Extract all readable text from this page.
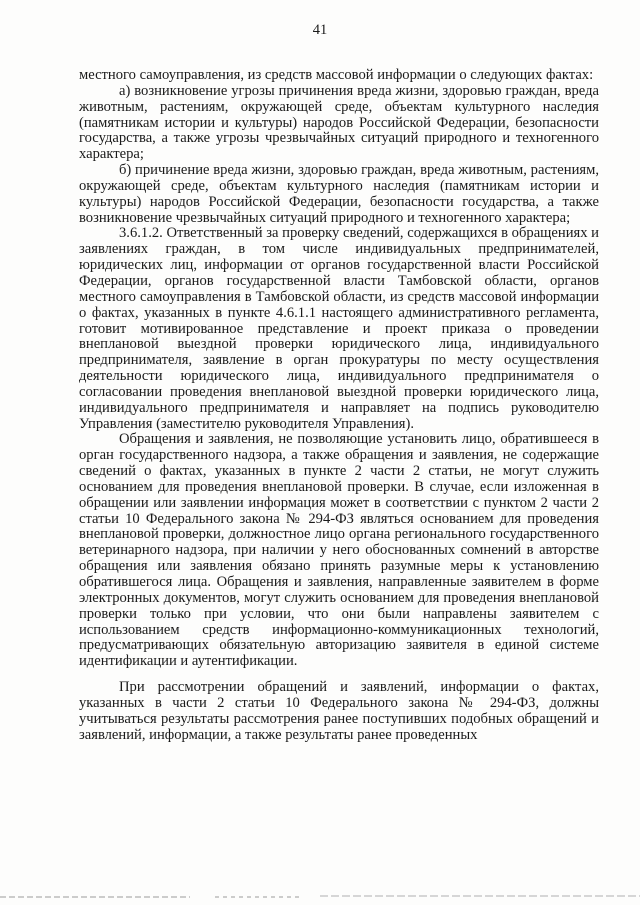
41

местного самоуправления, из средств массовой информации о следующих фактах:

а) возникновение угрозы причинения вреда жизни, здоровью граждан, вреда животным, растениям, окружающей среде, объектам культурного наследия (памятникам истории и культуры) народов Российской Федерации, безопасности государства, а также угрозы чрезвычайных ситуаций природного и техногенного характера;

б) причинение вреда жизни, здоровью граждан, вреда животным, растениям, окружающей среде, объектам культурного наследия (памятникам истории и культуры) народов Российской Федерации, безопасности государства, а также возникновение чрезвычайных ситуаций природного и техногенного характера;

3.6.1.2. Ответственный за проверку сведений, содержащихся в обращениях и заявлениях граждан, в том числе индивидуальных предпринимателей, юридических лиц, информации от органов государственной власти Российской Федерации, органов государственной власти Тамбовской области, органов местного самоуправления в Тамбовской области, из средств массовой информации о фактах, указанных в пункте 4.6.1.1 настоящего административного регламента, готовит мотивированное представление и проект приказа о проведении внеплановой выездной проверки юридического лица, индивидуального предпринимателя, заявление в орган прокуратуры по месту осуществления деятельности юридического лица, индивидуального предпринимателя о согласовании проведения внеплановой выездной проверки юридического лица, индивидуального предпринимателя и направляет на подпись руководителю Управления (заместителю руководителя Управления).

Обращения и заявления, не позволяющие установить лицо, обратившееся в орган государственного надзора, а также обращения и заявления, не содержащие сведений о фактах, указанных в пункте 2 части 2 статьи, не могут служить основанием для проведения внеплановой проверки. В случае, если изложенная в обращении или заявлении информация может в соответствии с пунктом 2 части 2 статьи 10 Федерального закона № 294-ФЗ являться основанием для проведения внеплановой проверки, должностное лицо органа регионального государственного ветеринарного надзора, при наличии у него обоснованных сомнений в авторстве обращения или заявления обязано принять разумные меры к установлению обратившегося лица. Обращения и заявления, направленные заявителем в форме электронных документов, могут служить основанием для проведения внеплановой проверки только при условии, что они были направлены заявителем с использованием средств информационно-коммуникационных технологий, предусматривающих обязательную авторизацию заявителя в единой системе идентификации и аутентификации.

При рассмотрении обращений и заявлений, информации о фактах, указанных в части 2 статьи 10 Федерального закона № 294-ФЗ, должны учитываться результаты рассмотрения ранее поступивших подобных обращений и заявлений, информации, а также результаты ранее проведенных
